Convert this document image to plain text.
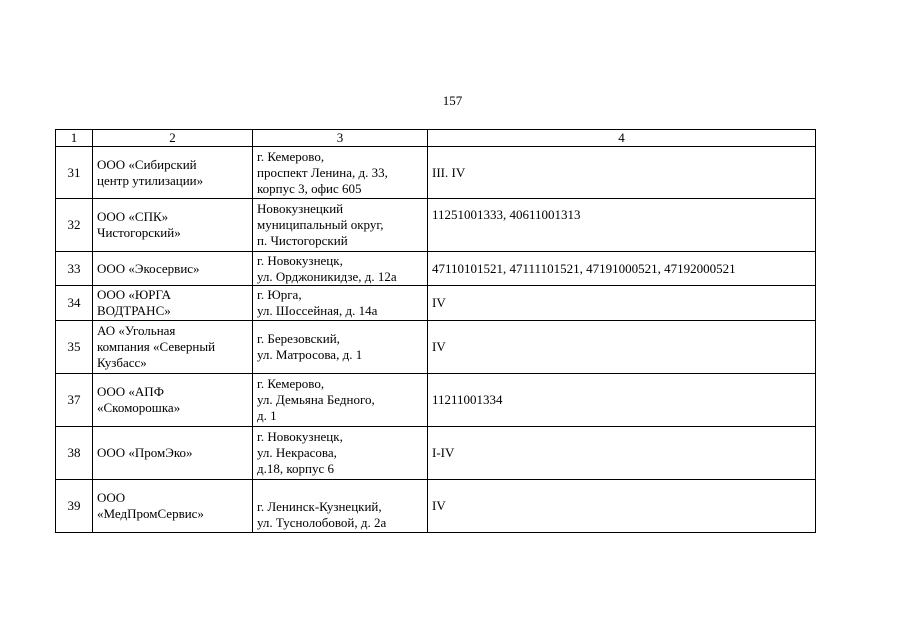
157
1	2	3	4
31	ООО «Сибирский
центр утилизации»	г. Кемерово,
проспект Ленина, д. 33,
корпус 3, офис 605	III. IV
32	ООО «СПК»
Чистогорский»	Новокузнецкий
муниципальный округ,
п. Чистогорский	11251001333, 40611001313
33	ООО «Экосервис»	г. Новокузнецк,
ул. Орджоникидзе, д. 12а	47110101521, 47111101521, 47191000521, 47192000521
34	ООО «ЮРГА
ВОДТРАНС»	г. Юрга,
ул. Шоссейная, д. 14а	IV
35	АО «Угольная
компания «Северный
Кузбасс»	г. Березовский,
ул. Матросова, д. 1	IV
37	ООО «АПФ
«Скоморошка»	г. Кемерово,
ул. Демьяна Бедного,
д. 1	11211001334
38	ООО «ПромЭко»	г. Новокузнецк,
ул. Некрасова,
д.18, корпус 6	I-IV
39	ООО
«МедПромСервис»	г. Ленинск-Кузнецкий,
ул. Туснолобовой, д. 2а	IV
